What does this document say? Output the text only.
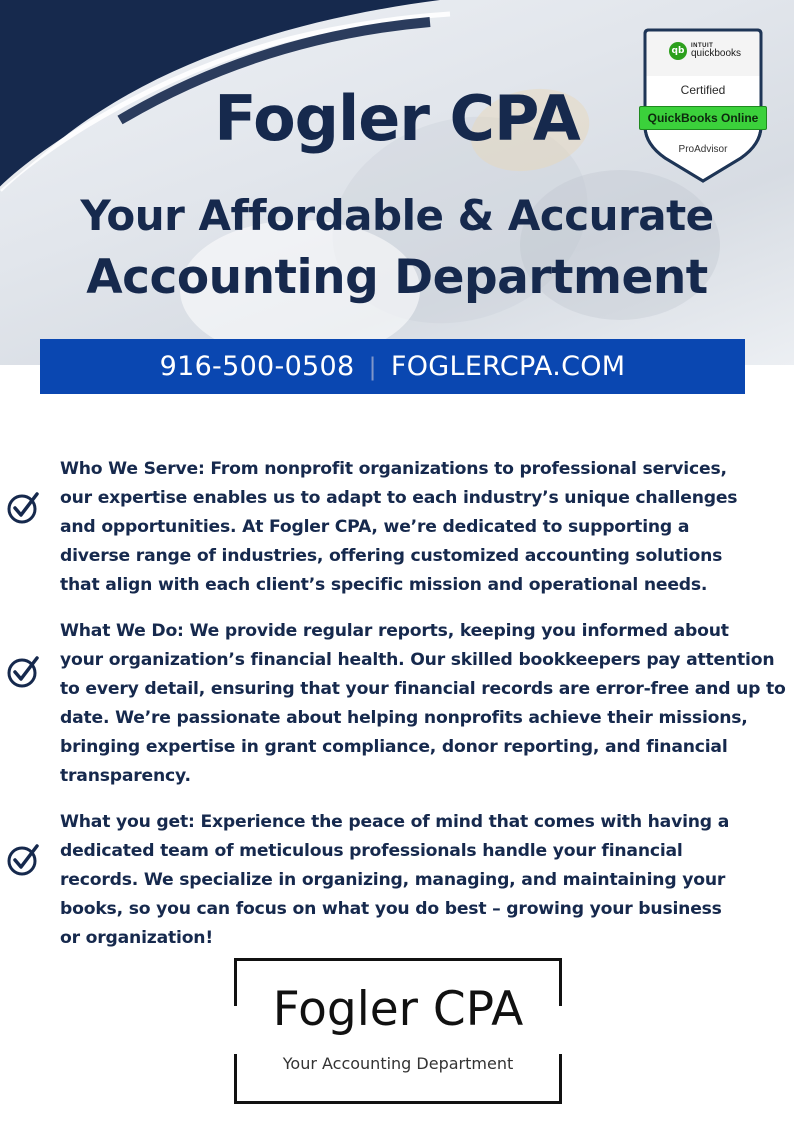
Fogler CPA
Your Affordable & Accurate
Accounting Department
qb	INTUIT
quickbooks
Certified
QuickBooks Online
ProAdvisor
916-500-0508 | FOGLERCPA.COM
Who We Serve: From nonprofit organizations to professional services,
our expertise enables us to adapt to each industry’s unique challenges
and opportunities. At Fogler CPA, we’re dedicated to supporting a
diverse range of industries, offering customized accounting solutions
that align with each client’s specific mission and operational needs.
What We Do: We provide regular reports, keeping you informed about
your organization’s financial health. Our skilled bookkeepers pay attention
to every detail, ensuring that your financial records are error-free and up to
date. We’re passionate about helping nonprofits achieve their missions,
bringing expertise in grant compliance, donor reporting, and financial
transparency.
What you get: Experience the peace of mind that comes with having a
dedicated team of meticulous professionals handle your financial
records. We specialize in organizing, managing, and maintaining your
books, so you can focus on what you do best – growing your business
or organization!
Fogler CPA
Your Accounting Department
